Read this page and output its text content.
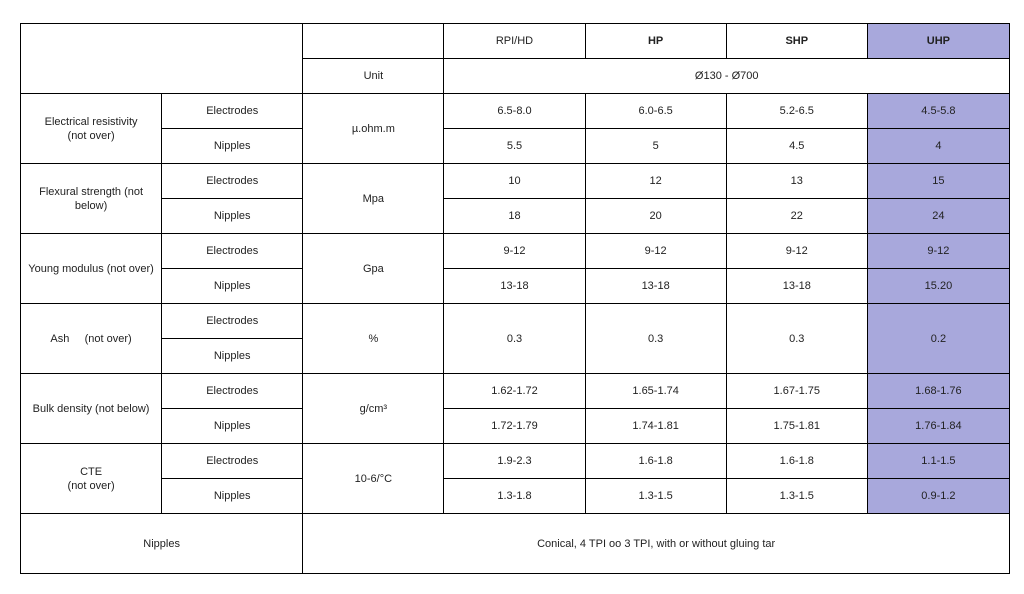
			RPI/HD	HP	SHP	UHP
		Unit	Ø130 - Ø700			
Electrical resistivity
(not over)	Electrodes	µ.ohm.m	6.5-8.0	6.0-6.5	5.2-6.5	4.5-5.8
	Nipples		5.5	5	4.5	4
Flexural strength (not below)	Electrodes	Mpa	10	12	13	15
	Nipples		18	20	22	24
Young modulus (not over)	Electrodes	Gpa	9-12	9-12	9-12	9-12
	Nipples		13-18	13-18	13-18	15.20
Ash     (not over)	Electrodes	%	0.3	0.3	0.3	0.2
	Nipples					
Bulk density (not below)	Electrodes	g/cm³	1.62-1.72	1.65-1.74	1.67-1.75	1.68-1.76
	Nipples		1.72-1.79	1.74-1.81	1.75-1.81	1.76-1.84
CTE
(not over)	Electrodes	10-6/°C	1.9-2.3	1.6-1.8	1.6-1.8	1.1-1.5
	Nipples		1.3-1.8	1.3-1.5	1.3-1.5	0.9-1.2
Nipples		Conical, 4 TPI oo 3 TPI, with or without gluing tar				
